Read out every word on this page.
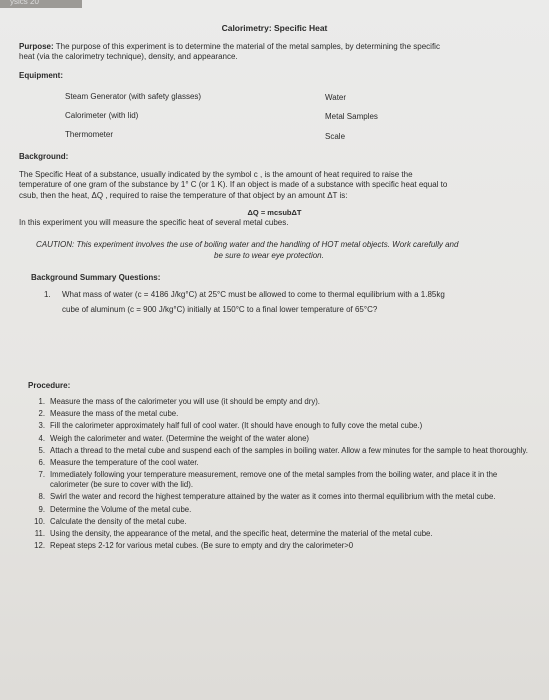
ysics 20
Calorimetry: Specific Heat
Purpose: The purpose of this experiment is to determine the material of the metal samples, by determining the specific
heat (via the calorimetry technique), density, and appearance.
Equipment:
Steam Generator (with safety glasses)
Calorimeter (with lid)
Thermometer
Water
Metal Samples
Scale
Background:
The Specific Heat of a substance, usually indicated by the symbol c , is the amount of heat required to raise the
temperature of one gram of the substance by 1° C (or 1 K). If an object is made of a substance with specific heat equal to
csub, then the heat, ΔQ , required to raise the temperature of that object by an amount ΔT is:
ΔQ = mcsubΔT
In this experiment you will measure the specific heat of several metal cubes.
CAUTION: This experiment involves the use of boiling water and the handling of HOT metal objects. Work carefully and
be sure to wear eye protection.
Background Summary Questions:
1. What mass of water (c = 4186 J/kg°C) at 25°C must be allowed to come to thermal equilibrium with a 1.85kg
cube of aluminum (c = 900 J/kg°C) initially at 150°C to a final lower temperature of 65°C?
Procedure:
1. Measure the mass of the calorimeter you will use (it should be empty and dry).
2. Measure the mass of the metal cube.
3. Fill the calorimeter approximately half full of cool water. (It should have enough to fully cove the metal cube.)
4. Weigh the calorimeter and water. (Determine the weight of the water alone)
5. Attach a thread to the metal cube and suspend each of the samples in boiling water. Allow a few minutes for the sample to heat thoroughly.
6. Measure the temperature of the cool water.
7. Immediately following your temperature measurement, remove one of the metal samples from the boiling water, and place it in the calorimeter (be sure to cover with the lid).
8. Swirl the water and record the highest temperature attained by the water as it comes into thermal equilibrium with the metal cube.
9. Determine the Volume of the metal cube.
10. Calculate the density of the metal cube.
11. Using the density, the appearance of the metal, and the specific heat, determine the material of the metal cube.
12. Repeat steps 2-12 for various metal cubes. (Be sure to empty and dry the calorimeter>0
